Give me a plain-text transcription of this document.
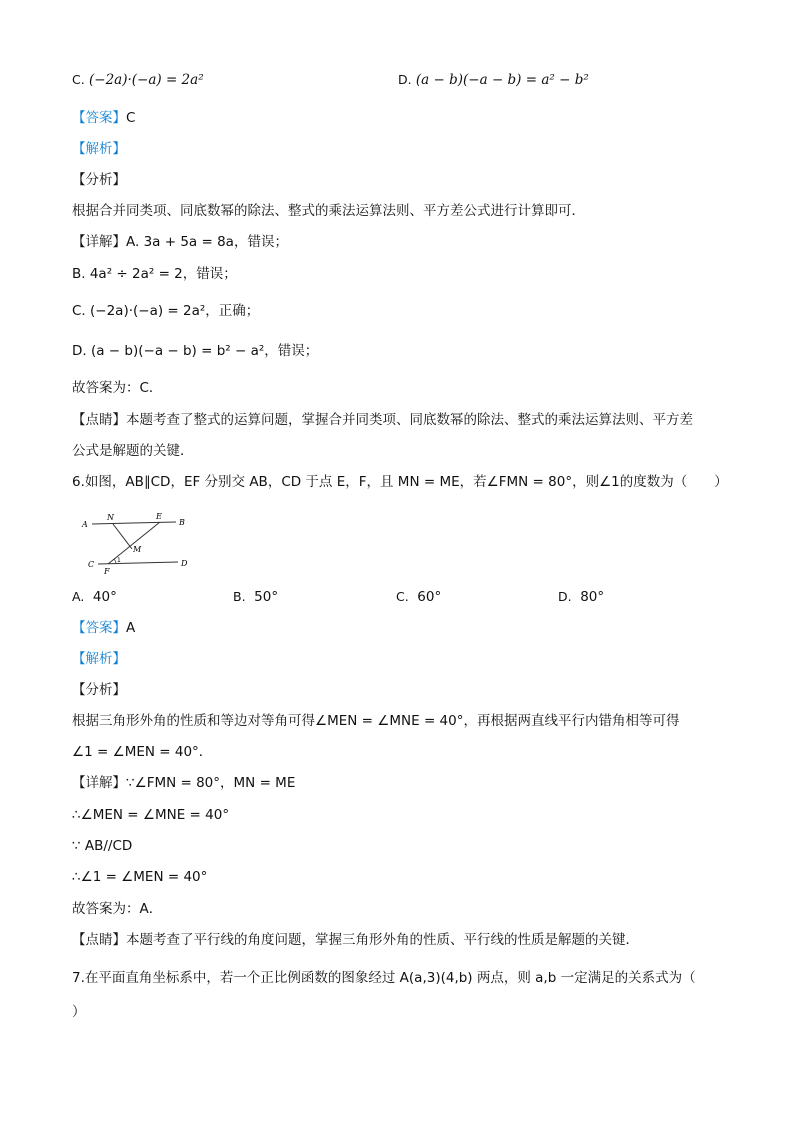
C. (−2a)·(−a) = 2a²	D. (a − b)(−a − b) = a² − b²
【答案】C
【解析】
【分析】
根据合并同类项、同底数幂的除法、整式的乘法运算法则、平方差公式进行计算即可．
【详解】A. 3a + 5a = 8a，错误；
B. 4a² ÷ 2a² = 2，错误；
C. (−2a)·(−a) = 2a²，正确；
D. (a − b)(−a − b) = b² − a²，错误；
故答案为：C．
【点睛】本题考查了整式的运算问题，掌握合并同类项、同底数幂的除法、整式的乘法运算法则、平方差
公式是解题的关键．
6.如图，AB∥CD，EF 分别交 AB，CD 于点 E，F，且 MN = ME，若∠FMN = 80°，则∠1的度数为（　　）
A
N	E
B
M
C
F
1	D
A. 40°	B. 50°	C. 60°	D. 80°
【答案】A
【解析】
【分析】
根据三角形外角的性质和等边对等角可得∠MEN = ∠MNE = 40°，再根据两直线平行内错角相等可得
∠1 = ∠MEN = 40°．
【详解】∵∠FMN = 80°，MN = ME
∴∠MEN = ∠MNE = 40°
∵ AB//CD
∴∠1 = ∠MEN = 40°
故答案为：A．
【点睛】本题考查了平行线的角度问题，掌握三角形外角的性质、平行线的性质是解题的关键．
7.在平面直角坐标系中，若一个正比例函数的图象经过 A(a,3)(4,b) 两点，则 a,b 一定满足的关系式为（
）
